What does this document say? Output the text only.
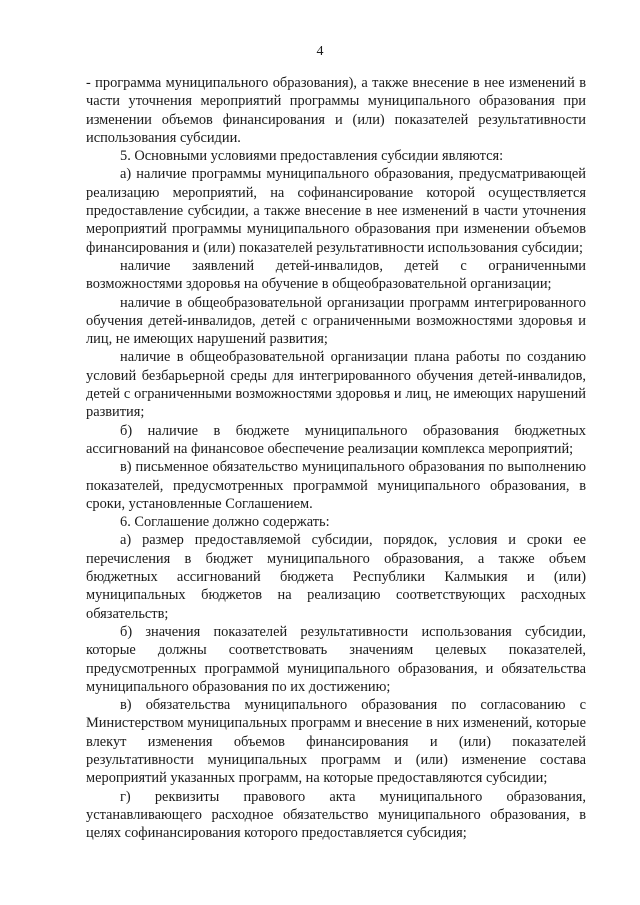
4

- программа муниципального образования), а также внесение в нее изменений в части уточнения мероприятий программы муниципального образования при изменении объемов финансирования и (или) показателей результативности использования субсидии.

5. Основными условиями предоставления субсидии являются:

а) наличие программы муниципального образования, предусматривающей реализацию мероприятий, на софинансирование которой осуществляется предоставление субсидии, а также внесение в нее изменений в части уточнения мероприятий программы муниципального образования при изменении объемов финансирования и (или) показателей результативности использования субсидии;

наличие заявлений детей-инвалидов, детей с ограниченными возможностями здоровья на обучение в общеобразовательной организации;

наличие в общеобразовательной организации программ интегрированного обучения детей-инвалидов, детей с ограниченными возможностями здоровья и лиц, не имеющих нарушений развития;

наличие в общеобразовательной организации плана работы по созданию условий безбарьерной среды для интегрированного обучения детей-инвалидов, детей с ограниченными возможностями здоровья и лиц, не имеющих нарушений развития;

б) наличие в бюджете муниципального образования бюджетных ассигнований на финансовое обеспечение реализации комплекса мероприятий;

в) письменное обязательство муниципального образования по выполнению показателей, предусмотренных программой муниципального образования, в сроки, установленные Соглашением.

6. Соглашение должно содержать:

а) размер предоставляемой субсидии, порядок, условия и сроки ее перечисления в бюджет муниципального образования, а также объем бюджетных ассигнований бюджета Республики Калмыкия и (или) муниципальных бюджетов на реализацию соответствующих расходных обязательств;

б) значения показателей результативности использования субсидии, которые должны соответствовать значениям целевых показателей, предусмотренных программой муниципального образования, и обязательства муниципального образования по их достижению;

в) обязательства муниципального образования по согласованию с Министерством муниципальных программ и внесение в них изменений, которые влекут изменения объемов финансирования и (или) показателей результативности муниципальных программ и (или) изменение состава мероприятий указанных программ, на которые предоставляются субсидии;

г) реквизиты правового акта муниципального образования, устанавливающего расходное обязательство муниципального образования, в целях софинансирования которого предоставляется субсидия;
